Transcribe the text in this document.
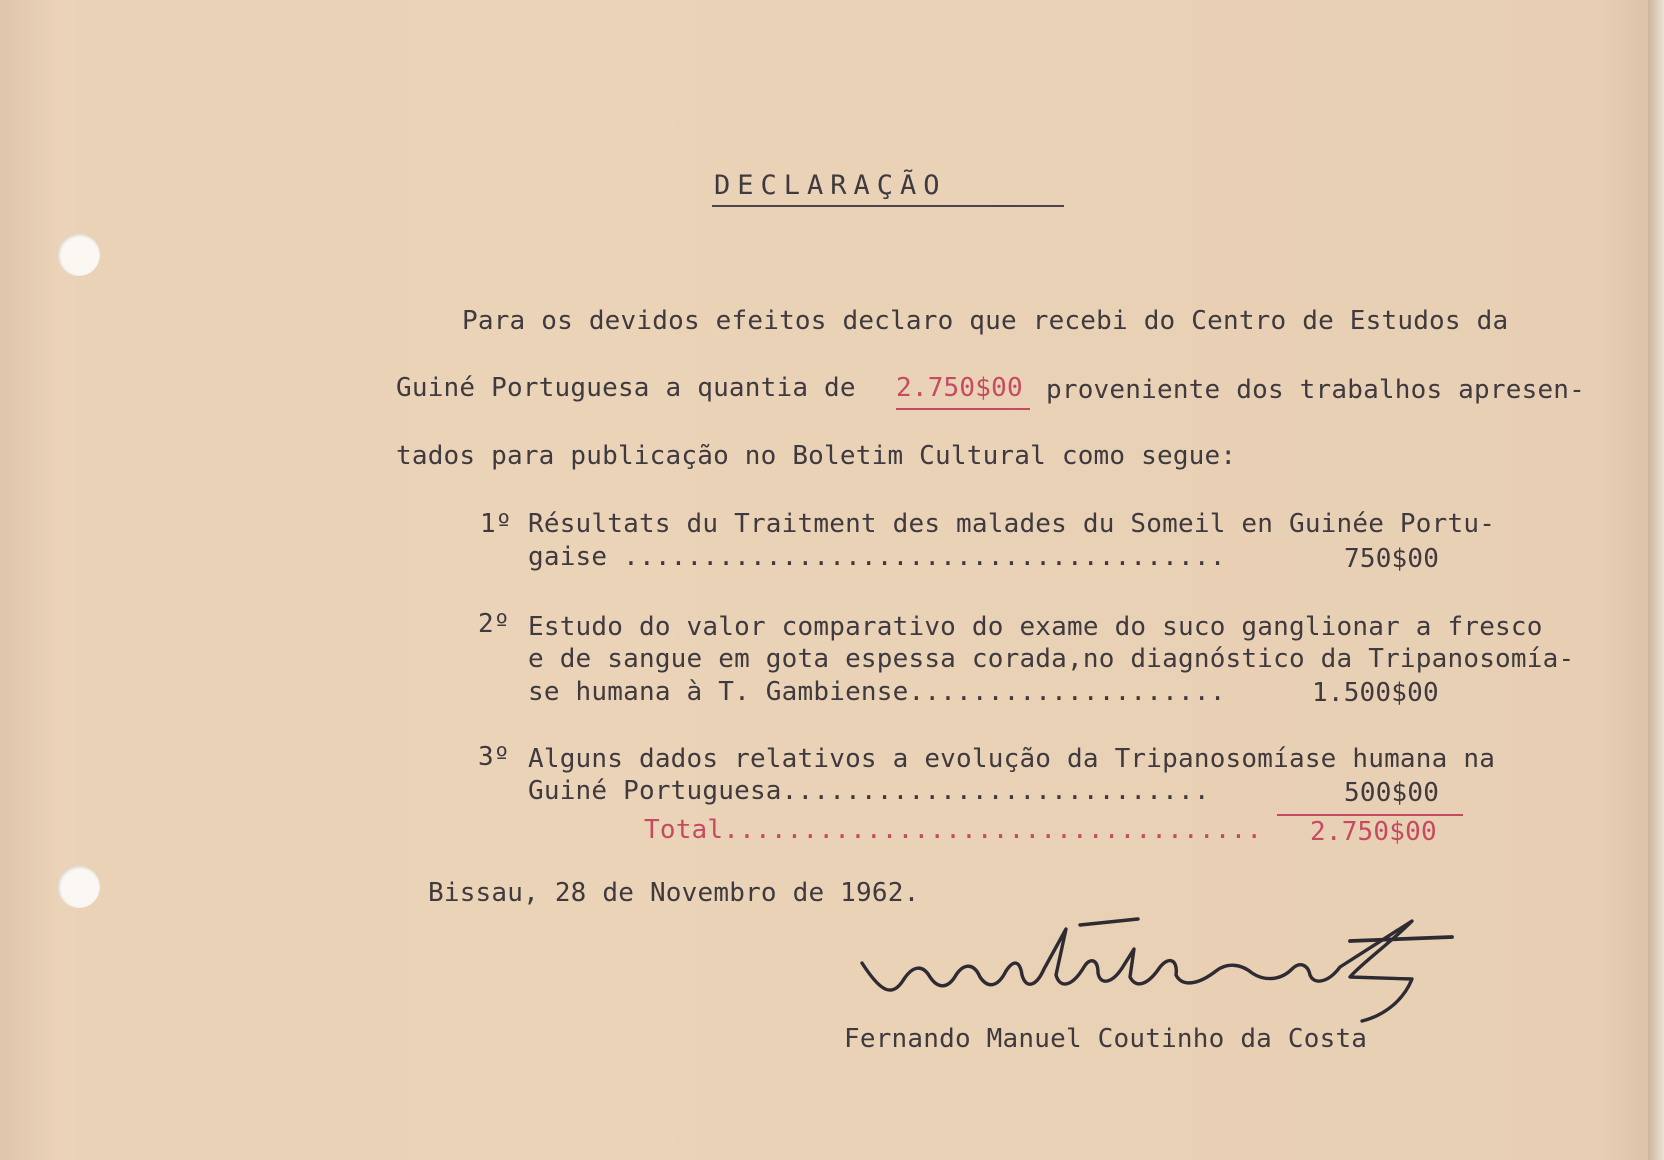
DECLARAÇÃO

Para os devidos efeitos declaro que recebi do Centro de Estudos da

Guiné Portuguesa a quantia de 2.750$00 proveniente dos trabalhos apresen-

tados para publicação no Boletim Cultural como segue:

1º Résultats du Traitment des malades du Someil en Guinée Portu-

gaise ......................................	750$00
2º Estudo do valor comparativo do exame do suco ganglionar a fresco

e de sangue em gota espessa corada,no diagnóstico da Tripanosomía-

se humana à T. Gambiense....................	1.500$00
3º Alguns dados relativos a evolução da Tripanosomíase humana na

Guiné Portuguesa...........................	500$00

Total.................................. 2.750$00

Bissau, 28 de Novembro de 1962.

Fernando Manuel Coutinho da Costa
